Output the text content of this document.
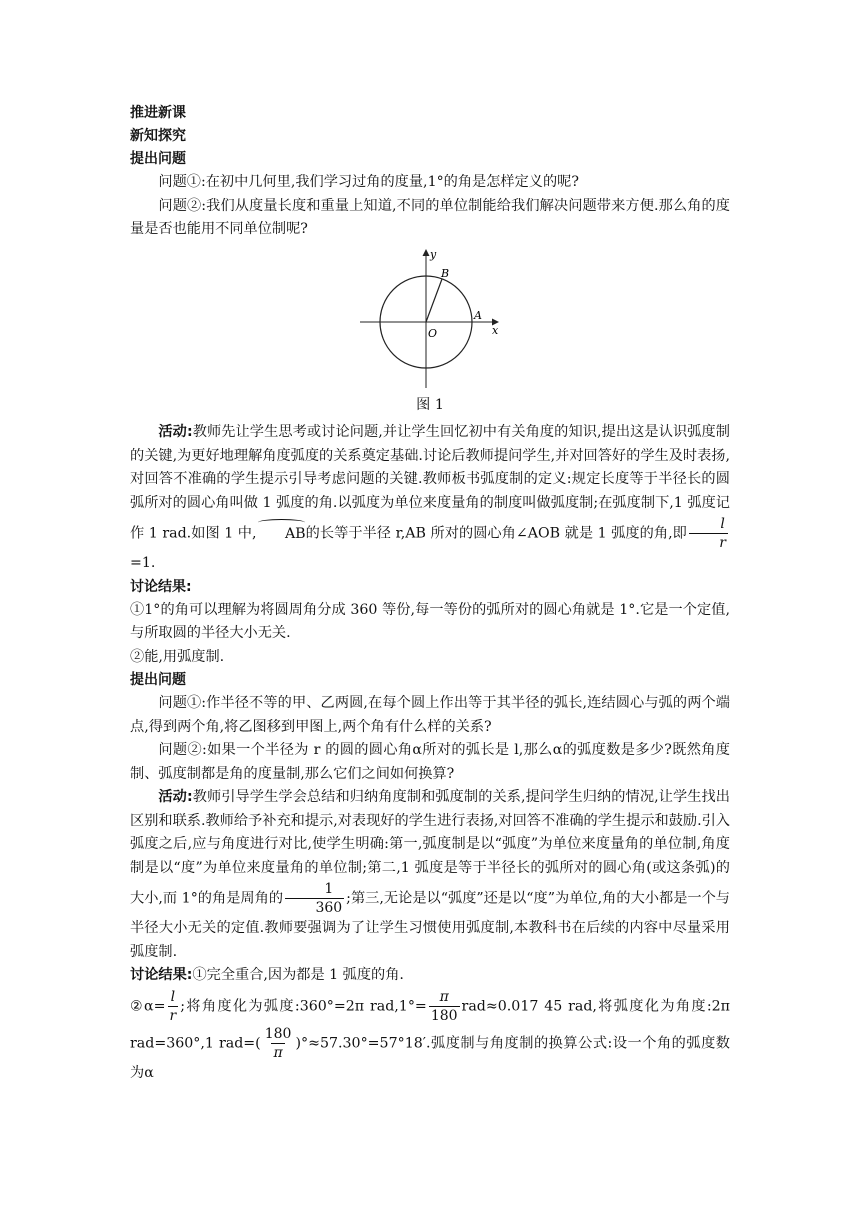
推进新课
新知探究
提出问题

问题①:在初中几何里,我们学习过角的度量,1°的角是怎样定义的呢?

问题②:我们从度量长度和重量上知道,不同的单位制能给我们解决问题带来方便.那么角的度量是否也能用不同单位制呢?

y
x
B
A
O
图 1

活动:教师先让学生思考或讨论问题,并让学生回忆初中有关角度的知识,提出这是认识弧度制的关键,为更好地理解角度弧度的关系奠定基础.讨论后教师提问学生,并对回答好的学生及时表扬,对回答不准确的学生提示引导考虑问题的关键.教师板书弧度制的定义:规定长度等于半径长的圆弧所对的圆心角叫做 1 弧度的角.以弧度为单位来度量角的制度叫做弧度制;在弧度制下,1 弧度记作 1 rad.如图 1 中, AB的长等于半径 r,AB 所对的圆心角∠AOB 就是 1 弧度的角,即 $\frac{l}{r}$
=1.

讨论结果:

①1°的角可以理解为将圆周角分成 360 等份,每一等份的弧所对的圆心角就是 1°.它是一个定值,与所取圆的半径大小无关.

②能,用弧度制.

提出问题

问题①:作半径不等的甲、乙两圆,在每个圆上作出等于其半径的弧长,连结圆心与弧的两个端点,得到两个角,将乙图移到甲图上,两个角有什么样的关系?

问题②:如果一个半径为 r 的圆的圆心角α所对的弧长是 l,那么α的弧度数是多少?既然角度制、弧度制都是角的度量制,那么它们之间如何换算?

活动:教师引导学生学会总结和归纳角度制和弧度制的关系,提问学生归纳的情况,让学生找出区别和联系.教师给予补充和提示,对表现好的学生进行表扬,对回答不准确的学生提示和鼓励.引入弧度之后,应与角度进行对比,使学生明确:第一,弧度制是以“弧度”为单位来度量角的单位制,角度制是以“度”为单位来度量角的单位制;第二,1 弧度是等于半径长的弧所对的圆心角(或这条弧)的大小,而 1°的角是周角的 $\frac{1}{360}$ ;第三,无论是以“弧度”还是以“度”为单位,角的大小都是一个与半径大小无关的定值.教师要强调为了让学生习惯使用弧度制,本教科书在后续的内容中尽量采用弧度制.

讨论结果:①完全重合,因为都是 1 弧度的角.

②α= $\frac{l}{r}$ ;将角度化为弧度:360°=2π $rad,1^\circ= \frac{\pi}{180} rad\approx 0.017$ 45 rad,将弧度化为角度:2π rad=360°,1 $rad=( \frac{180}{\pi} )^\circ\approx 57.30^\circ=57^\circ 18'$.弧度制与角度制的换算公式:设一个角的弧度数为α
